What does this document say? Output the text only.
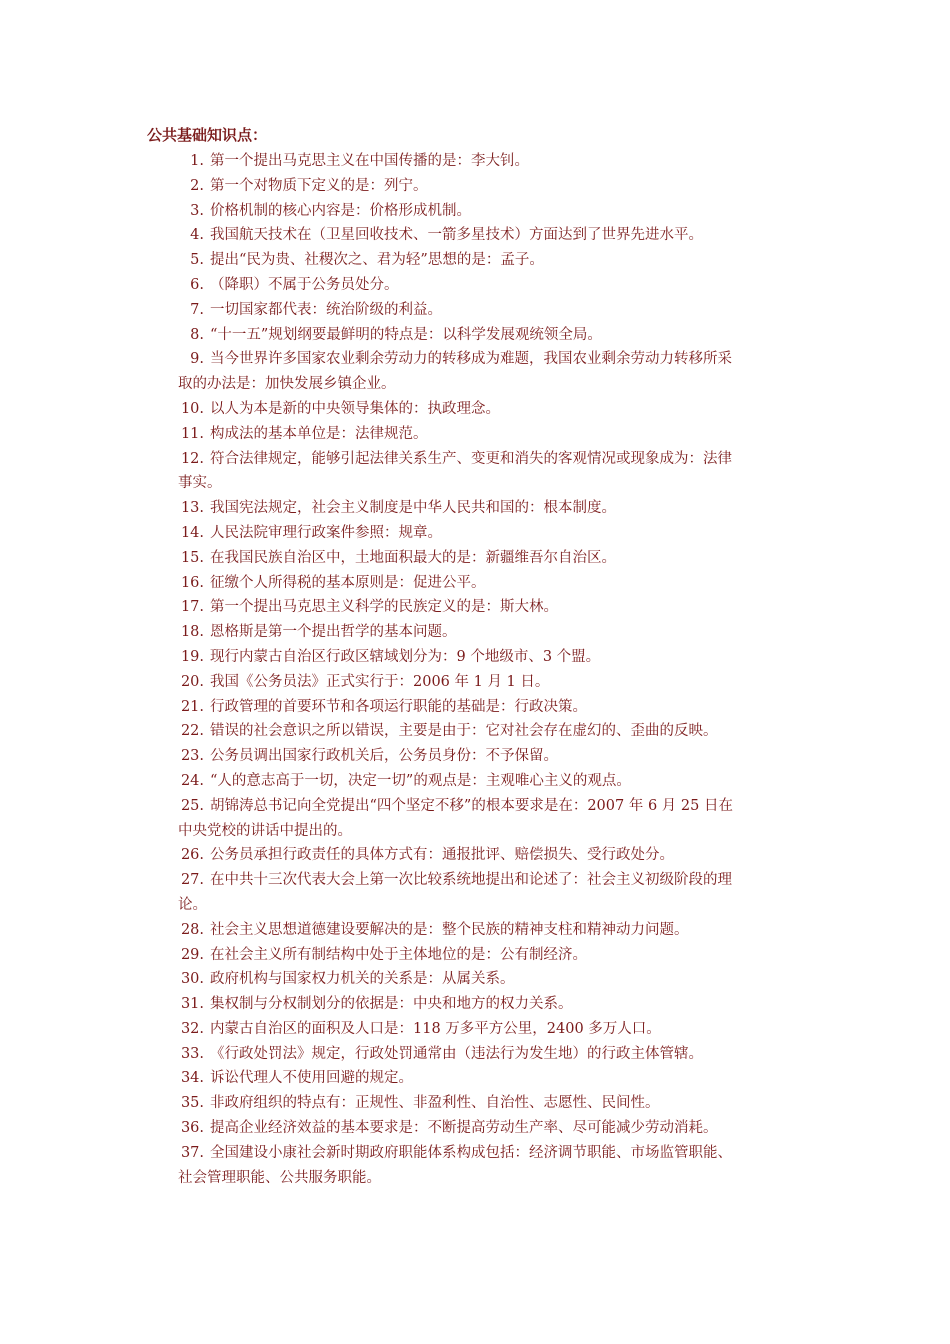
公共基础知识点：
1. 第一个提出马克思主义在中国传播的是：李大钊。
2. 第一个对物质下定义的是：列宁。
3. 价格机制的核心内容是：价格形成机制。
4. 我国航天技术在（卫星回收技术、一箭多星技术）方面达到了世界先进水平。
5. 提出“民为贵、社稷次之、君为轻”思想的是：孟子。
6. （降职）不属于公务员处分。
7. 一切国家都代表：统治阶级的利益。
8. “十一五”规划纲要最鲜明的特点是：以科学发展观统领全局。
9. 当今世界许多国家农业剩余劳动力的转移成为难题，我国农业剩余劳动力转移所采
取的办法是：加快发展乡镇企业。
10. 以人为本是新的中央领导集体的：执政理念。
11. 构成法的基本单位是：法律规范。
12. 符合法律规定，能够引起法律关系生产、变更和消失的客观情况或现象成为：法律
事实。
13. 我国宪法规定，社会主义制度是中华人民共和国的：根本制度。
14. 人民法院审理行政案件参照：规章。
15. 在我国民族自治区中，土地面积最大的是：新疆维吾尔自治区。
16. 征缴个人所得税的基本原则是：促进公平。
17. 第一个提出马克思主义科学的民族定义的是：斯大林。
18. 恩格斯是第一个提出哲学的基本问题。
19. 现行内蒙古自治区行政区辖域划分为：9 个地级市、3 个盟。
20. 我国《公务员法》正式实行于：2006 年 1 月 1 日。
21. 行政管理的首要环节和各项运行职能的基础是：行政决策。
22. 错误的社会意识之所以错误，主要是由于：它对社会存在虚幻的、歪曲的反映。
23. 公务员调出国家行政机关后，公务员身份：不予保留。
24. “人的意志高于一切，决定一切”的观点是：主观唯心主义的观点。
25. 胡锦涛总书记向全党提出“四个坚定不移”的根本要求是在：2007 年 6 月 25 日在
中央党校的讲话中提出的。
26. 公务员承担行政责任的具体方式有：通报批评、赔偿损失、受行政处分。
27. 在中共十三次代表大会上第一次比较系统地提出和论述了：社会主义初级阶段的理
论。
28. 社会主义思想道德建设要解决的是：整个民族的精神支柱和精神动力问题。
29. 在社会主义所有制结构中处于主体地位的是：公有制经济。
30. 政府机构与国家权力机关的关系是：从属关系。
31. 集权制与分权制划分的依据是：中央和地方的权力关系。
32. 内蒙古自治区的面积及人口是：118 万多平方公里，2400 多万人口。
33. 《行政处罚法》规定，行政处罚通常由（违法行为发生地）的行政主体管辖。
34. 诉讼代理人不使用回避的规定。
35. 非政府组织的特点有：正规性、非盈利性、自治性、志愿性、民间性。
36. 提高企业经济效益的基本要求是：不断提高劳动生产率、尽可能减少劳动消耗。
37. 全国建设小康社会新时期政府职能体系构成包括：经济调节职能、市场监管职能、
社会管理职能、公共服务职能。
